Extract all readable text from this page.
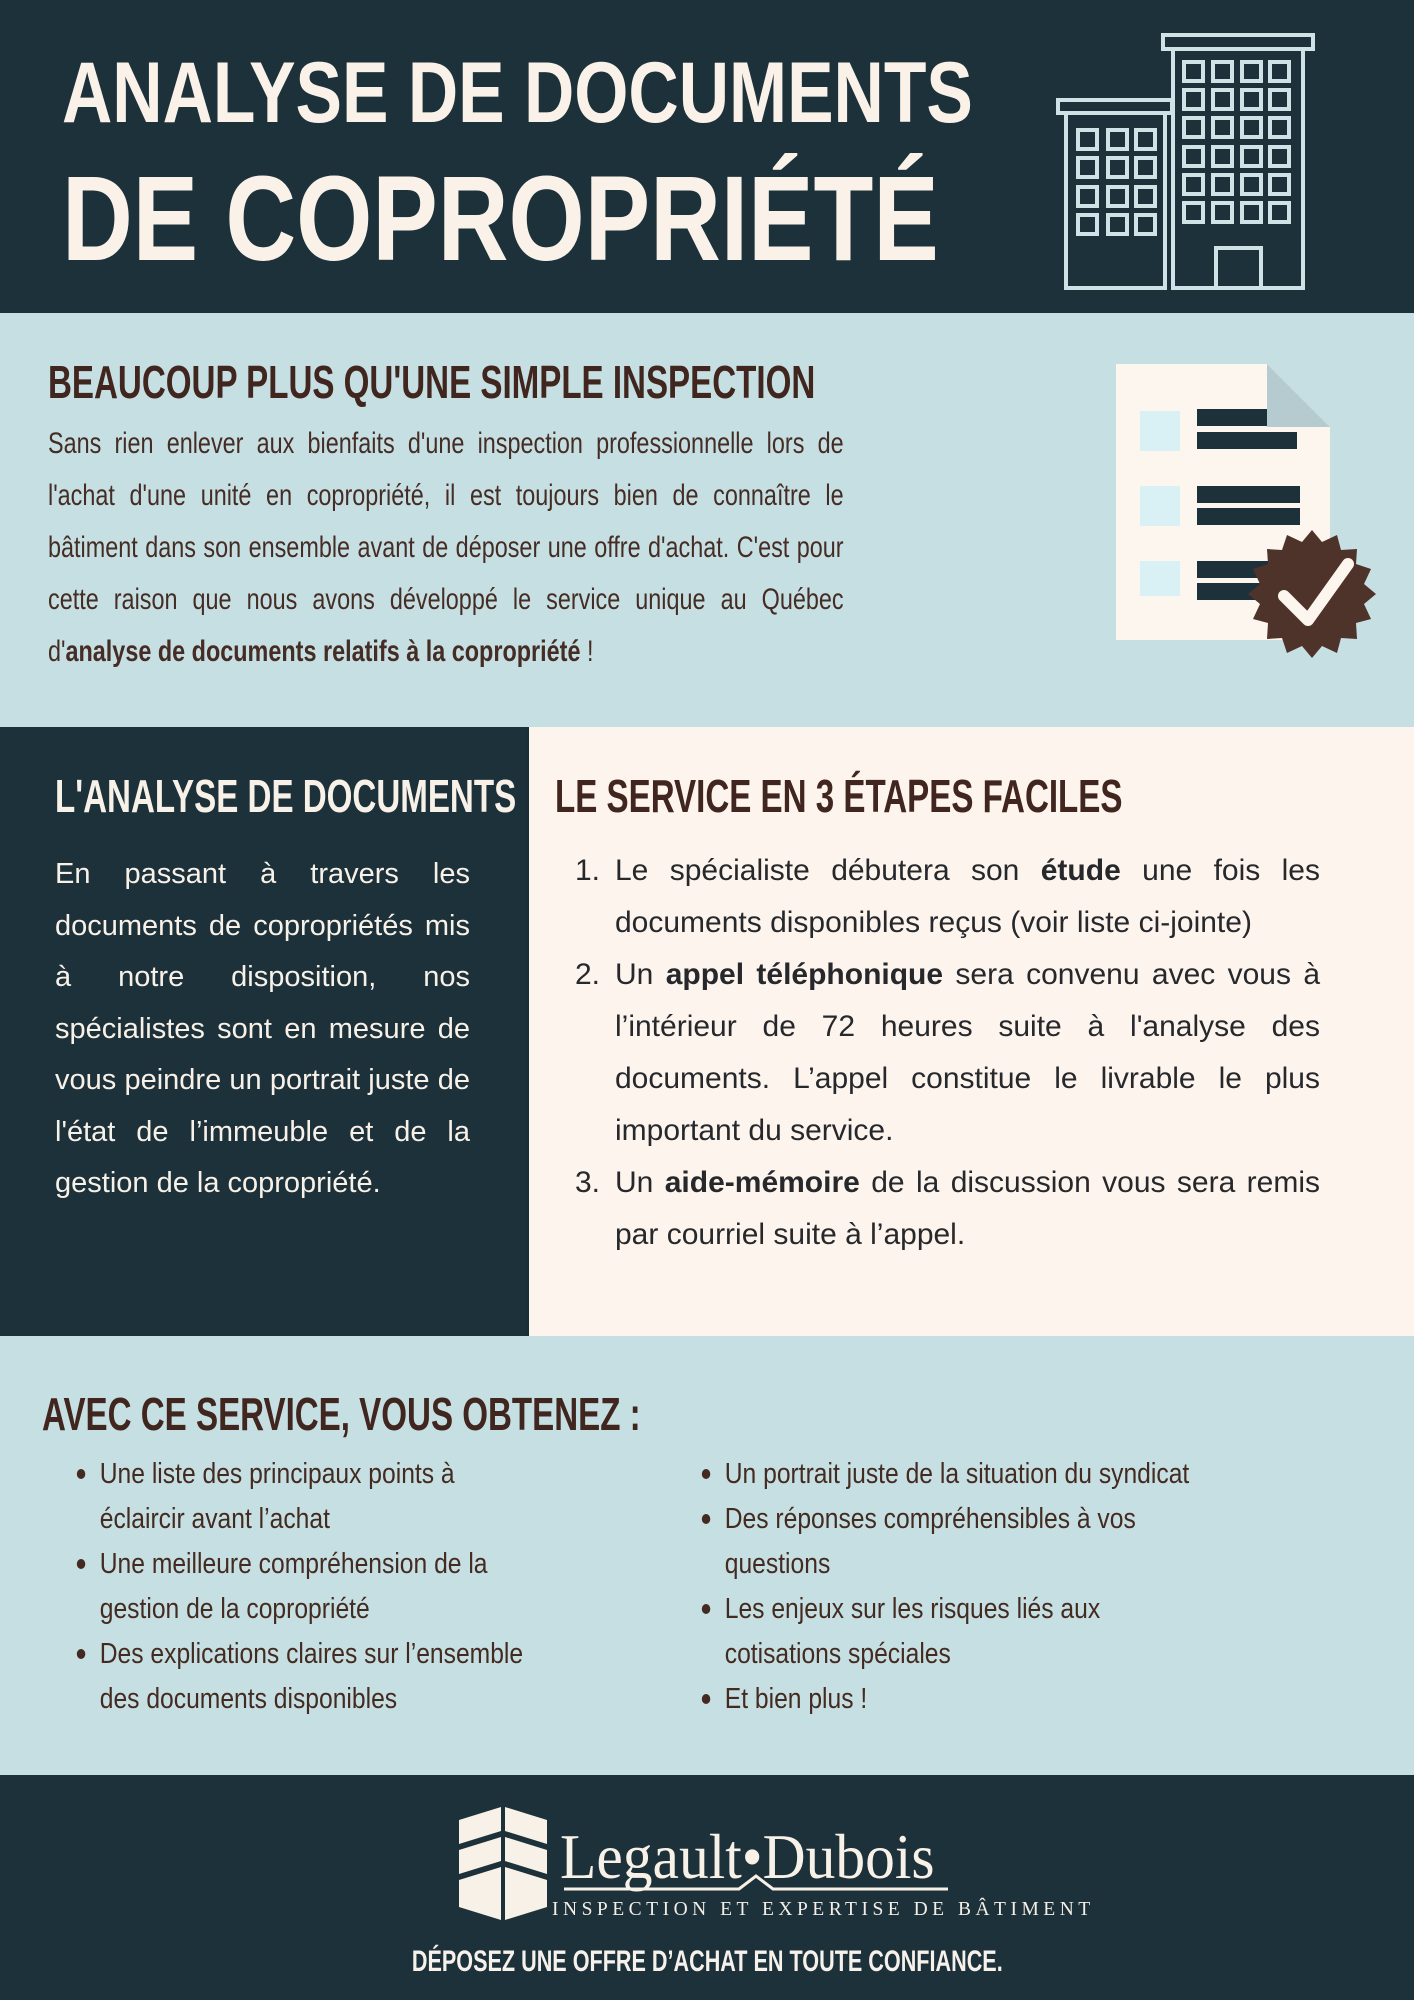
ANALYSE DE DOCUMENTS
DE COPROPRIÉTÉ
BEAUCOUP PLUS QU'UNE SIMPLE INSPECTION
Sans rien enlever aux bienfaits d'une inspection professionnelle lors de l'achat d'une unité en copropriété, il est toujours bien de connaître le bâtiment dans son ensemble avant de déposer une offre d'achat. C'est pour cette raison que nous avons développé le service unique au Québec d'analyse de documents relatifs à la copropriété !
L'ANALYSE DE DOCUMENTS
En passant à travers les documents de copropriétés mis à notre disposition, nos spécialistes sont en mesure de vous peindre un portrait juste de l'état de l’immeuble et de la gestion de la copropriété.
LE SERVICE EN 3 ÉTAPES FACILES
1. Le spécialiste débutera son étude une fois les documents disponibles reçus (voir liste ci-jointe)
2. Un appel téléphonique sera convenu avec vous à l’intérieur de 72 heures suite à l'analyse des documents. L’appel constitue le livrable le plus important du service.
3. Un aide-mémoire de la discussion vous sera remis par courriel suite à l’appel.
AVEC CE SERVICE, VOUS OBTENEZ :
Une liste des principaux points à
éclaircir avant l’achat
Une meilleure compréhension de la
gestion de la copropriété
Des explications claires sur l’ensemble
des documents disponibles
Un portrait juste de la situation du syndicat
Des réponses compréhensibles à vos
questions
Les enjeux sur les risques liés aux
cotisations spéciales
Et bien plus !
Legault•Dubois
INSPECTION ET EXPERTISE DE BÂTIMENT
DÉPOSEZ UNE OFFRE D’ACHAT EN TOUTE CONFIANCE.
